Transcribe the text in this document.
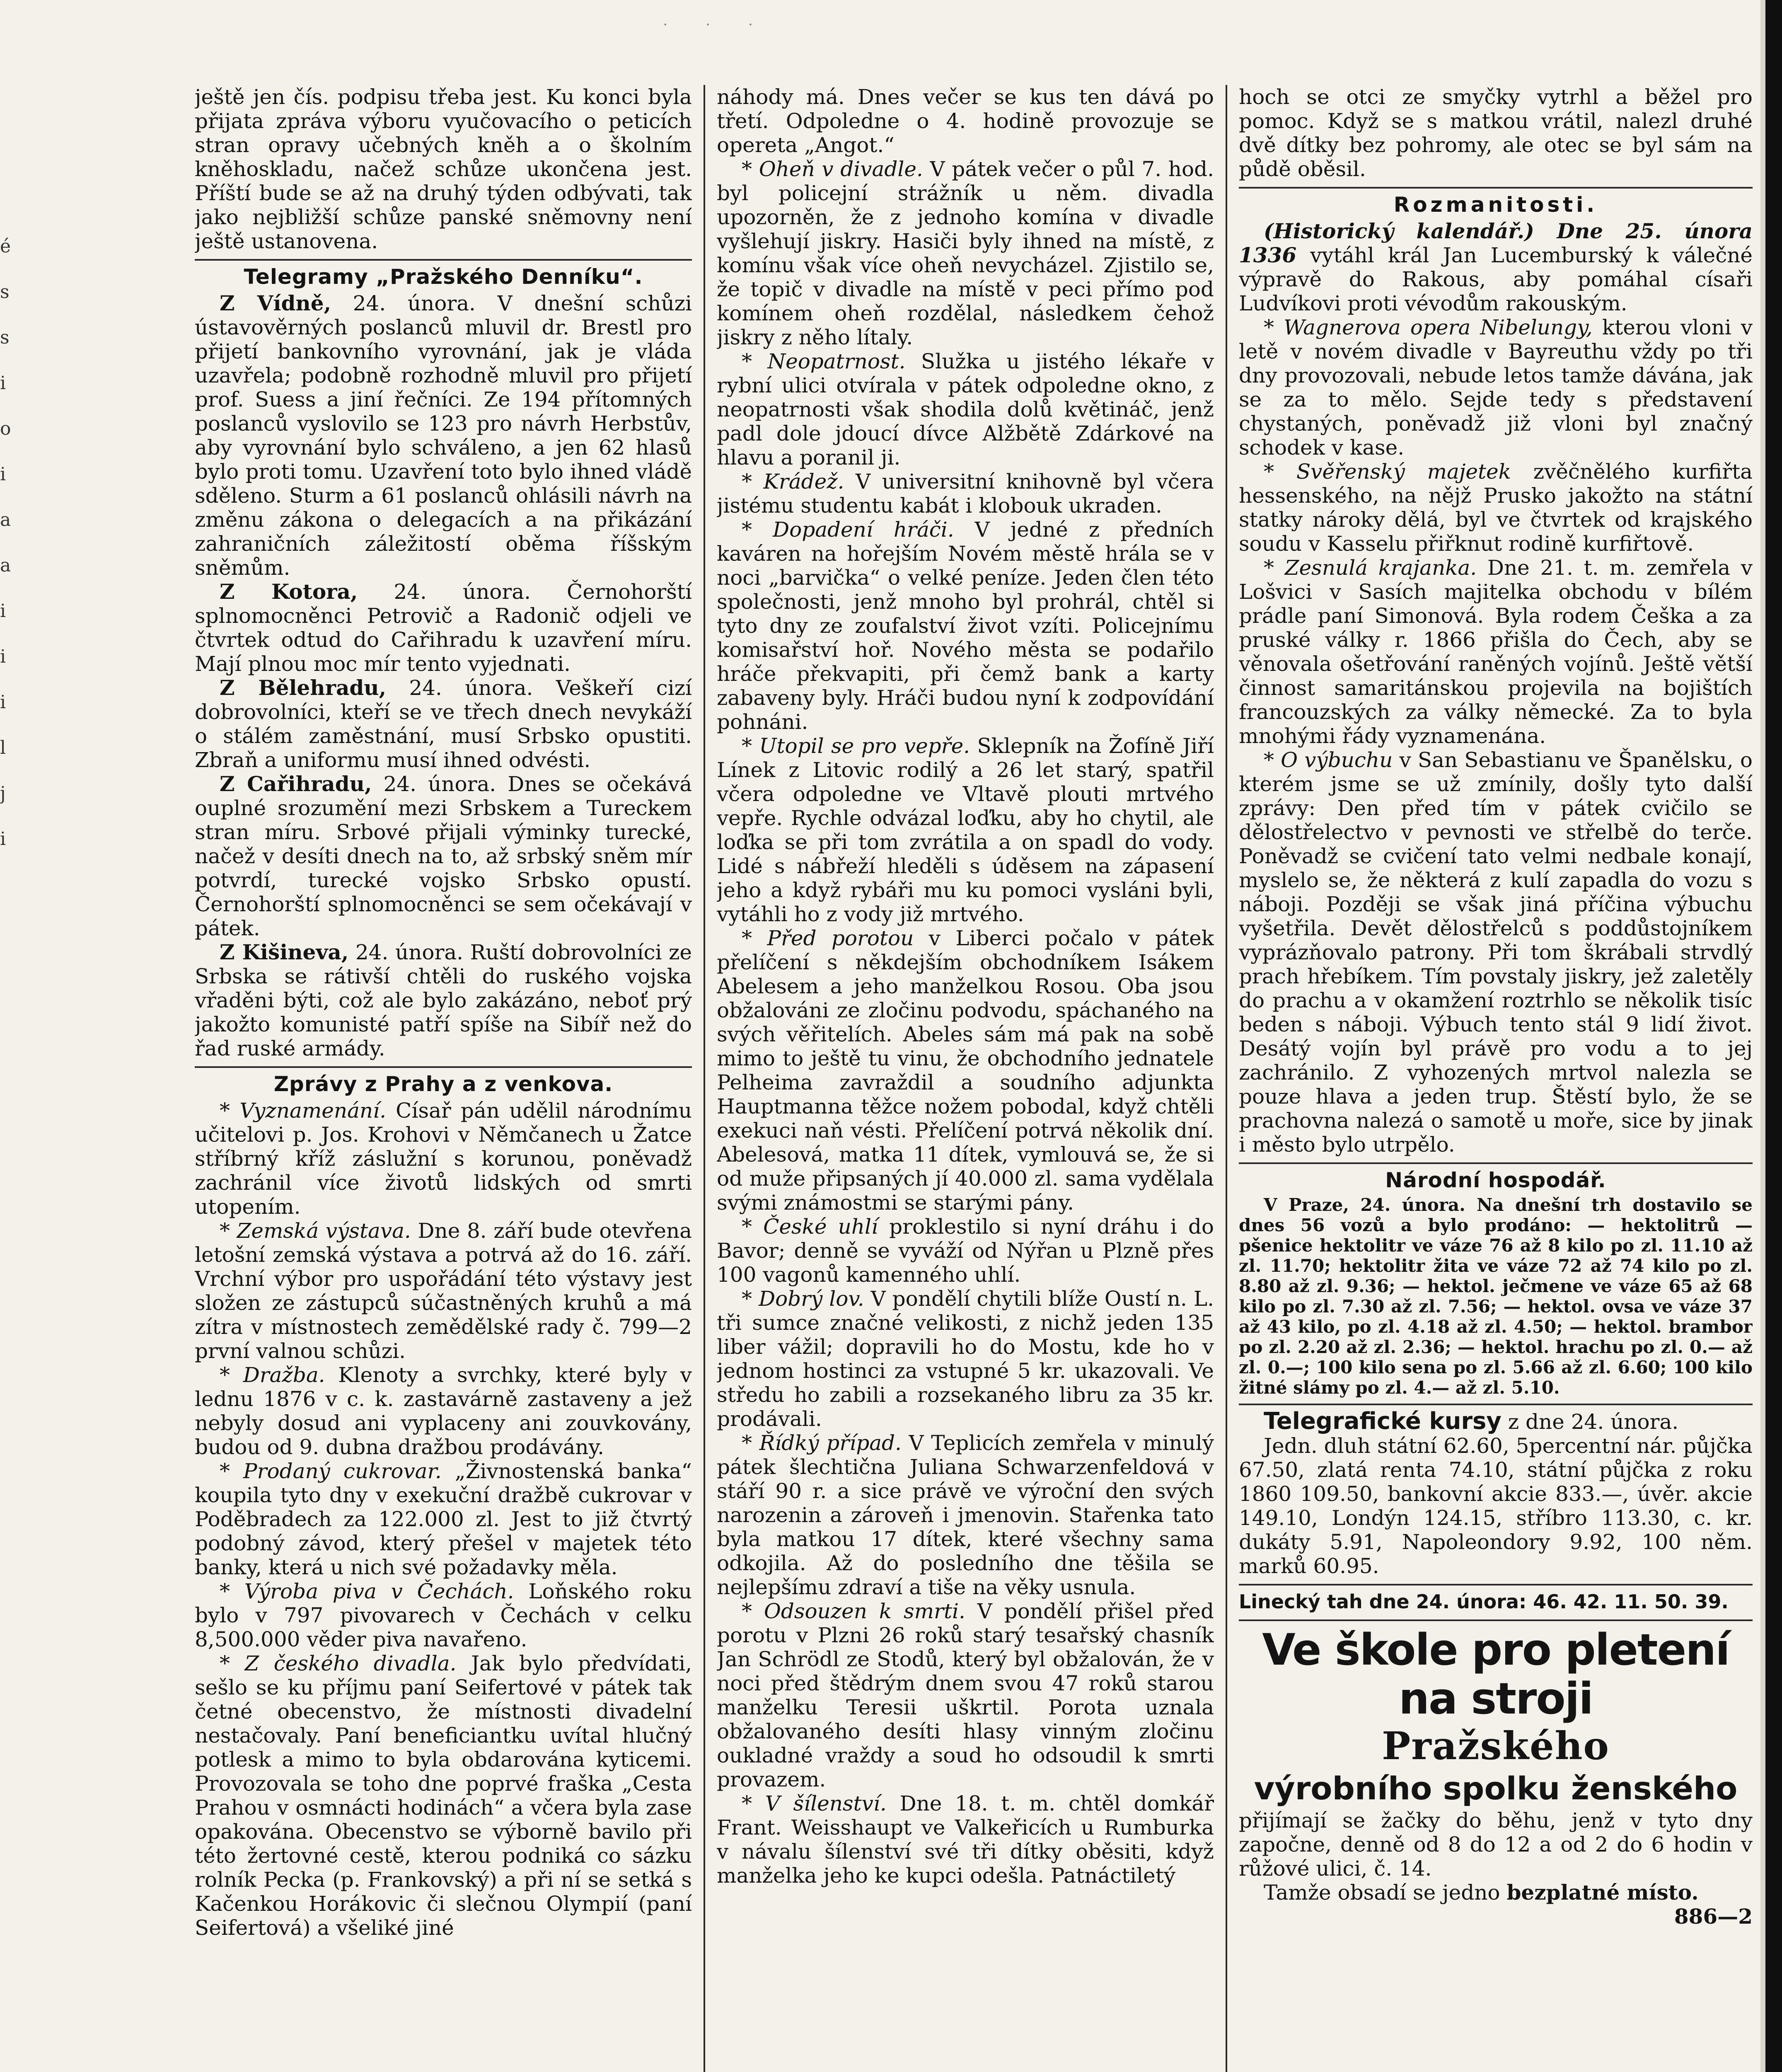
· · ·
é
s
s
i
o
i
a
a
i
i
i
l
j
i

ještě jen čís. podpisu třeba jest. Ku konci byla přijata zpráva výboru vyučovacího o peticích stran opravy učebných kněh a o školním kněhoskladu, načež schůze ukončena jest. Příští bude se až na druhý týden odbývati, tak jako nejbližší schůze panské sněmovny není ještě ustanovena.

Telegramy „Pražského Denníku“.

Z Vídně, 24. února. V dnešní schůzi ústavověrných poslanců mluvil dr. Brestl pro přijetí bankovního vyrovnání, jak je vláda uzavřela; podobně rozhodně mluvil pro přijetí prof. Suess a jiní řečníci. Ze 194 přítomných poslanců vyslovilo se 123 pro návrh Herbstův, aby vyrovnání bylo schváleno, a jen 62 hlasů bylo proti tomu. Uzavření toto bylo ihned vládě sděleno. Sturm a 61 poslanců ohlásili návrh na změnu zákona o delegacích a na přikázání zahraničních záležitostí oběma říšským sněmům.

Z Kotora, 24. února. Černohorští splnomocněnci Petrovič a Radonič odjeli ve čtvrtek odtud do Cařihradu k uzavření míru. Mají plnou moc mír tento vyjednati.

Z Bělehradu, 24. února. Veškeří cizí dobrovolníci, kteří se ve třech dnech nevykáží o stálém zaměstnání, musí Srbsko opustiti. Zbraň a uniformu musí ihned odvésti.

Z Cařihradu, 24. února. Dnes se očekává ouplné srozumění mezi Srbskem a Tureckem stran míru. Srbové přijali výminky turecké, načež v desíti dnech na to, až srbský sněm mír potvrdí, turecké vojsko Srbsko opustí. Černohorští splnomocněnci se sem očekávají v pátek.

Z Kišineva, 24. února. Ruští dobrovolníci ze Srbska se rátivší chtěli do ruského vojska vřaděni býti, což ale bylo zakázáno, neboť prý jakožto komunisté patří spíše na Sibíř než do řad ruské armády.

Zprávy z Prahy a z venkova.

* Vyznamenání. Císař pán udělil národnímu učitelovi p. Jos. Krohovi v Němčanech u Žatce stříbrný kříž záslužní s korunou, poněvadž zachránil více životů lidských od smrti utopením.

* Zemská výstava. Dne 8. září bude otevřena letošní zemská výstava a potrvá až do 16. září. Vrchní výbor pro uspořádání této výstavy jest složen ze zástupců súčastněných kruhů a má zítra v místnostech zemědělské rady č. 799—2 první valnou schůzi.

* Dražba. Klenoty a svrchky, které byly v lednu 1876 v c. k. zastavárně zastaveny a jež nebyly dosud ani vyplaceny ani zouvkovány, budou od 9. dubna dražbou prodávány.

* Prodaný cukrovar. „Živnostenská banka“ koupila tyto dny v exekuční dražbě cukrovar v Poděbradech za 122.000 zl. Jest to již čtvrtý podobný závod, který přešel v majetek této banky, která u nich své požadavky měla.

* Výroba piva v Čechách. Loňského roku bylo v 797 pivovarech v Čechách v celku 8,500.000 věder piva navařeno.

* Z českého divadla. Jak bylo předvídati, sešlo se ku příjmu paní Seifertové v pátek tak četné obecenstvo, že místnosti divadelní nestačovaly. Paní beneficiantku uvítal hlučný potlesk a mimo to byla obdarována kyticemi. Provozovala se toho dne poprvé fraška „Cesta Prahou v osmnácti hodinách“ a včera byla zase opakována. Obecenstvo se výborně bavilo při této žertovné cestě, kterou podniká co sázku rolník Pecka (p. Frankovský) a při ní se setká s Kačenkou Horákovic či slečnou Olympií (paní Seifertová) a všeliké jiné

náhody má. Dnes večer se kus ten dává po třetí. Odpoledne o 4. hodině provozuje se opereta „Angot.“

* Oheň v divadle. V pátek večer o půl 7. hod. byl policejní strážník u něm. divadla upozorněn, že z jednoho komína v divadle vyšlehují jiskry. Hasiči byly ihned na místě, z komínu však více oheň nevycházel. Zjistilo se, že topič v divadle na místě v peci přímo pod komínem oheň rozdělal, následkem čehož jiskry z něho lítaly.

* Neopatrnost. Služka u jistého lékaře v rybní ulici otvírala v pátek odpoledne okno, z neopatrnosti však shodila dolů květináč, jenž padl dole jdoucí dívce Alžbětě Zdárkové na hlavu a poranil ji.

* Krádež. V universitní knihovně byl včera jistému studentu kabát i klobouk ukraden.

* Dopadení hráči. V jedné z předních kaváren na hořejším Novém městě hrála se v noci „barvička“ o velké peníze. Jeden člen této společnosti, jenž mnoho byl prohrál, chtěl si tyto dny ze zoufalství život vzíti. Policejnímu komisařství hoř. Nového města se podařilo hráče překvapiti, při čemž bank a karty zabaveny byly. Hráči budou nyní k zodpovídání pohnáni.

* Utopil se pro vepře. Sklepník na Žofíně Jiří Línek z Litovic rodilý a 26 let starý, spatřil včera odpoledne ve Vltavě plouti mrtvého vepře. Rychle odvázal loďku, aby ho chytil, ale loďka se při tom zvrátila a on spadl do vody. Lidé s nábřeží hleděli s úděsem na zápasení jeho a když rybáři mu ku pomoci vysláni byli, vytáhli ho z vody již mrtvého.

* Před porotou v Liberci počalo v pátek přelíčení s někdejším obchodníkem Isákem Abelesem a jeho manželkou Rosou. Oba jsou obžalováni ze zločinu podvodu, spáchaného na svých věřitelích. Abeles sám má pak na sobě mimo to ještě tu vinu, že obchodního jednatele Pelheima zavraždil a soudního adjunkta Hauptmanna těžce nožem pobodal, když chtěli exekuci naň vésti. Přelíčení potrvá několik dní. Abelesová, matka 11 dítek, vymlouvá se, že si od muže připsaných jí 40.000 zl. sama vydělala svými známostmi se starými pány.

* České uhlí proklestilo si nyní dráhu i do Bavor; denně se vyváží od Nýřan u Plzně přes 100 vagonů kamenného uhlí.

* Dobrý lov. V pondělí chytili blíže Oustí n. L. tři sumce značné velikosti, z nichž jeden 135 liber vážil; dopravili ho do Mostu, kde ho v jednom hostinci za vstupné 5 kr. ukazovali. Ve středu ho zabili a rozsekaného libru za 35 kr. prodávali.

* Řídký případ. V Teplicích zemřela v minulý pátek šlechtična Juliana Schwarzenfeldová v stáří 90 r. a sice právě ve výroční den svých narozenin a zároveň i jmenovin. Stařenka tato byla matkou 17 dítek, které všechny sama odkojila. Až do posledního dne těšila se nejlepšímu zdraví a tiše na věky usnula.

* Odsouzen k smrti. V pondělí přišel před porotu v Plzni 26 roků starý tesařský chasník Jan Schrödl ze Stodů, který byl obžalován, že v noci před štědrým dnem svou 47 roků starou manželku Teresii uškrtil. Porota uznala obžalovaného desíti hlasy vinným zločinu oukladné vraždy a soud ho odsoudil k smrti provazem.

* V šílenství. Dne 18. t. m. chtěl domkář Frant. Weisshaupt ve Valkeřicích u Rumburka v návalu šílenství své tři dítky oběsiti, když manželka jeho ke kupci odešla. Patnáctiletý

hoch se otci ze smyčky vytrhl a běžel pro pomoc. Když se s matkou vrátil, nalezl druhé dvě dítky bez pohromy, ale otec se byl sám na půdě oběsil.

Rozmanitosti.

(Historický kalendář.) Dne 25. února 1336 vytáhl král Jan Lucemburský k válečné výpravě do Rakous, aby pomáhal císaři Ludvíkovi proti vévodům rakouským.

* Wagnerova opera Nibelungy, kterou vloni v letě v novém divadle v Bayreuthu vždy po tři dny provozovali, nebude letos tamže dávána, jak se za to mělo. Sejde tedy s představení chystaných, poněvadž již vloni byl značný schodek v kase.

* Svěřenský majetek zvěčnělého kurfiřta hessenského, na nějž Prusko jakožto na státní statky nároky dělá, byl ve čtvrtek od krajského soudu v Kasselu přiřknut rodině kurfiřtově.

* Zesnulá krajanka. Dne 21. t. m. zemřela v Lošvici v Sasích majitelka obchodu v bílém prádle paní Simonová. Byla rodem Češka a za pruské války r. 1866 přišla do Čech, aby se věnovala ošetřování raněných vojínů. Ještě větší činnost samaritánskou projevila na bojištích francouzských za války německé. Za to byla mnohými řády vyznamenána.

* O výbuchu v San Sebastianu ve Španělsku, o kterém jsme se už zmínily, došly tyto další zprávy: Den před tím v pátek cvičilo se dělostřelectvo v pevnosti ve střelbě do terče. Poněvadž se cvičení tato velmi nedbale konají, myslelo se, že některá z kulí zapadla do vozu s náboji. Později se však jiná příčina výbuchu vyšetřila. Devět dělostřelců s poddůstojníkem vyprázňovalo patrony. Při tom škrábali strvdlý prach hřebíkem. Tím povstaly jiskry, jež zaletěly do prachu a v okamžení roztrhlo se několik tisíc beden s náboji. Výbuch tento stál 9 lidí život. Desátý vojín byl právě pro vodu a to jej zachránilo. Z vyhozených mrtvol nalezla se pouze hlava a jeden trup. Štěstí bylo, že se prachovna nalezá o samotě u moře, sice by jinak i město bylo utrpělo.

Národní hospodář.

V Praze, 24. února. Na dnešní trh dostavilo se dnes 56 vozů a bylo prodáno: — hektolitrů — pšenice hektolitr ve váze 76 až 8 kilo po zl. 11.10 až zl. 11.70; hektolitr žita ve váze 72 až 74 kilo po zl. 8.80 až zl. 9.36; — hektol. ječmene ve váze 65 až 68 kilo po zl. 7.30 až zl. 7.56; — hektol. ovsa ve váze 37 až 43 kilo, po zl. 4.18 až zl. 4.50; — hektol. brambor po zl. 2.20 až zl. 2.36; — hektol. hrachu po zl. 0.— až zl. 0.—; 100 kilo sena po zl. 5.66 až zl. 6.60; 100 kilo žitné slámy po zl. 4.— až zl. 5.10.

Telegrafické kursy z dne 24. února.

Jedn. dluh státní 62.60, 5percentní nár. půjčka 67.50, zlatá renta 74.10, státní půjčka z roku 1860 109.50, bankovní akcie 833.—, úvěr. akcie 149.10, Londýn 124.15, stříbro 113.30, c. kr. dukáty 5.91, Napoleondory 9.92, 100 něm. marků 60.95.

Linecký tah dne 24. února: 46. 42. 11. 50. 39.

Ve škole pro pletení na stroji
Pražského
výrobního spolku ženského

přijímají se žačky do běhu, jenž v tyto dny započne, denně od 8 do 12 a od 2 do 6 hodin v růžové ulici, č. 14.

Tamže obsadí se jedno bezplatné místo.
886—2
